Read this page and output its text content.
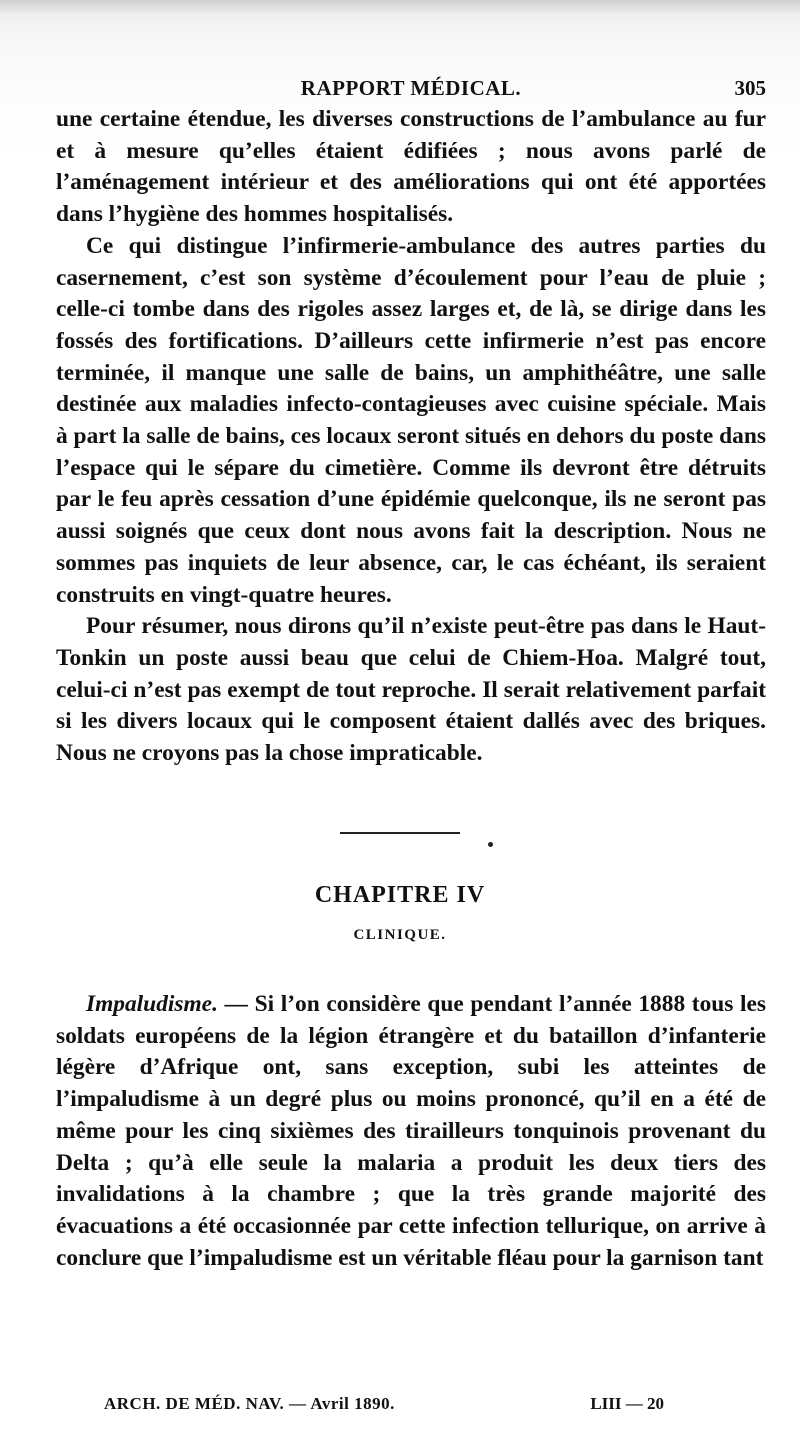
RAPPORT MÉDICAL.	305

une certaine étendue, les diverses constructions de l’ambulance au fur et à mesure qu’elles étaient édifiées ; nous avons parlé de l’aménagement intérieur et des améliorations qui ont été apportées dans l’hygiène des hommes hospitalisés.

Ce qui distingue l’infirmerie-ambulance des autres parties du casernement, c’est son système d’écoulement pour l’eau de pluie ; celle-ci tombe dans des rigoles assez larges et, de là, se dirige dans les fossés des fortifications. D’ailleurs cette infirmerie n’est pas encore terminée, il manque une salle de bains, un amphithéâtre, une salle destinée aux maladies infecto-contagieuses avec cuisine spéciale. Mais à part la salle de bains, ces locaux seront situés en dehors du poste dans l’espace qui le sépare du cimetière. Comme ils devront être détruits par le feu après cessation d’une épidémie quelconque, ils ne seront pas aussi soignés que ceux dont nous avons fait la description. Nous ne sommes pas inquiets de leur absence, car, le cas échéant, ils seraient construits en vingt-quatre heures.

Pour résumer, nous dirons qu’il n’existe peut-être pas dans le Haut-Tonkin un poste aussi beau que celui de Chiem-Hoa. Malgré tout, celui-ci n’est pas exempt de tout reproche. Il serait relativement parfait si les divers locaux qui le composent étaient dallés avec des briques. Nous ne croyons pas la chose impraticable.

CHAPITRE IV
CLINIQUE.

Impaludisme. — Si l’on considère que pendant l’année 1888 tous les soldats européens de la légion étrangère et du bataillon d’infanterie légère d’Afrique ont, sans exception, subi les atteintes de l’impaludisme à un degré plus ou moins prononcé, qu’il en a été de même pour les cinq sixièmes des tirailleurs tonquinois provenant du Delta ; qu’à elle seule la malaria a produit les deux tiers des invalidations à la chambre ; que la très grande majorité des évacuations a été occasionnée par cette infection tellurique, on arrive à conclure que l’impaludisme est un véritable fléau pour la garnison tant

ARCH. DE MÉD. NAV. — Avril 1890.	LIII — 20
